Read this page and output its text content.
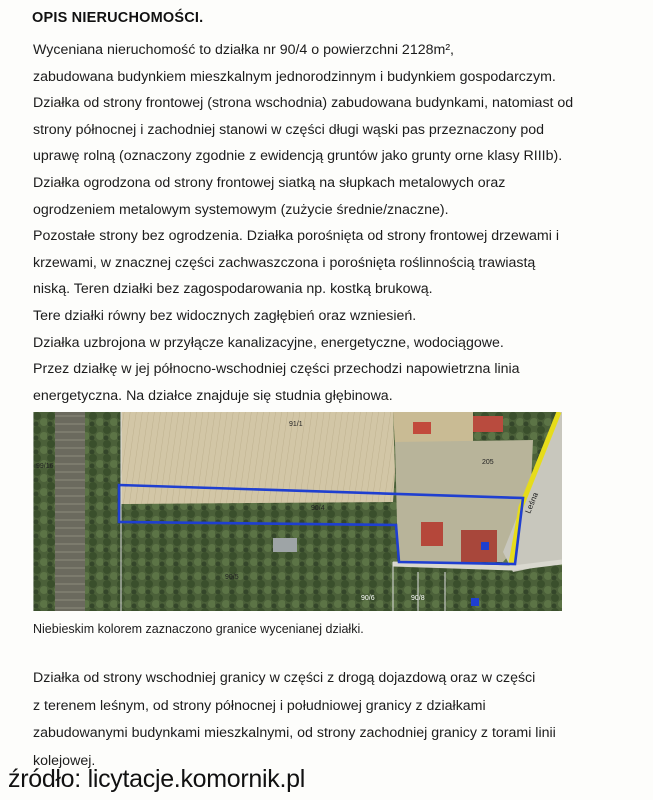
OPIS NIERUCHOMOŚCI.
Wyceniana nieruchomość to działka nr 90/4 o powierzchni 2128m²,
zabudowana budynkiem mieszkalnym jednorodzinnym i budynkiem gospodarczym.
Działka od strony frontowej (strona wschodnia) zabudowana budynkami, natomiast od
strony północnej i zachodniej stanowi w części długi wąski pas przeznaczony pod
uprawę rolną (oznaczony zgodnie z ewidencją gruntów jako grunty orne klasy RIIIb).
Działka ogrodzona od strony frontowej siatką na słupkach metalowych oraz
ogrodzeniem metalowym systemowym (zużycie średnie/znaczne).
Pozostałe strony bez ogrodzenia. Działka porośnięta od strony frontowej drzewami i
krzewami, w znacznej części zachwaszczona i porośnięta roślinnością trawiastą
niską. Teren działki bez zagospodarowania np. kostką brukową.
Tere działki równy bez widocznych zagłębień oraz wzniesień.
Działka uzbrojona w przyłącze kanalizacyjne, energetyczne, wodociągowe.
Przez działkę w jej północno-wschodniej części przechodzi napowietrzna linia
energetyczna. Na działce znajduje się studnia głębinowa.
91/1
99/16
205
90/4
90/5
90/6	90/8
Leśna
Niebieskim kolorem zaznaczono granice wycenianej działki.
Działka od strony wschodniej granicy w części z drogą dojazdową oraz w części
z terenem leśnym, od strony północnej i południowej granicy z działkami
zabudowanymi budynkami mieszkalnymi, od strony zachodniej granicy z torami linii
kolejowej.
źródło: licytacje.komornik.pl
